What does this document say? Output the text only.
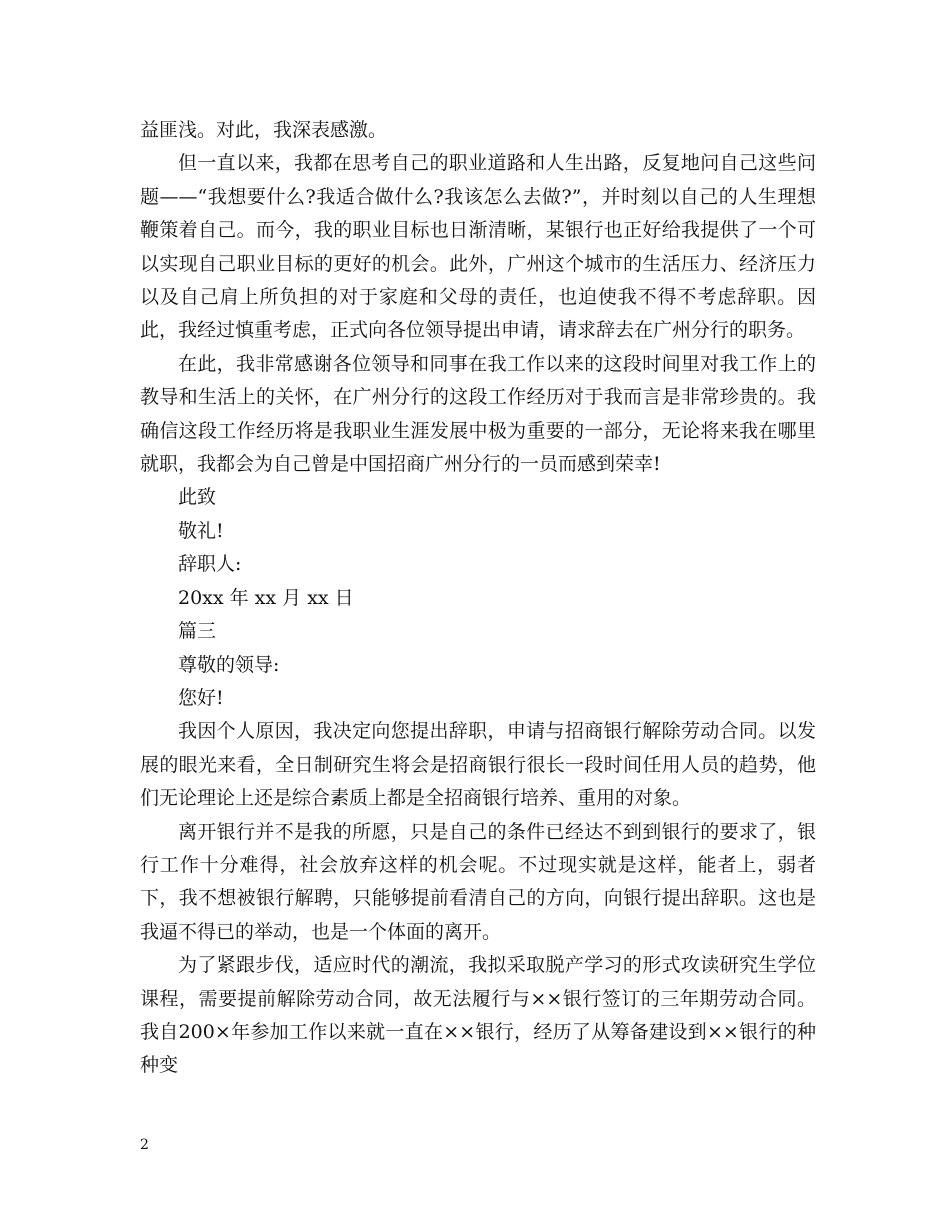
益匪浅。对此，我深表感激。

但一直以来，我都在思考自己的职业道路和人生出路，反复地问自己这些问题——“我想要什么?我适合做什么?我该怎么去做?”，并时刻以自己的人生理想鞭策着自己。而今，我的职业目标也日渐清晰，某银行也正好给我提供了一个可以实现自己职业目标的更好的机会。此外，广州这个城市的生活压力、经济压力以及自己肩上所负担的对于家庭和父母的责任，也迫使我不得不考虑辞职。因此，我经过慎重考虑，正式向各位领导提出申请，请求辞去在广州分行的职务。

在此，我非常感谢各位领导和同事在我工作以来的这段时间里对我工作上的教导和生活上的关怀，在广州分行的这段工作经历对于我而言是非常珍贵的。我确信这段工作经历将是我职业生涯发展中极为重要的一部分，无论将来我在哪里就职，我都会为自己曾是中国招商广州分行的一员而感到荣幸!

此致

敬礼!

辞职人:

20xx 年 xx 月 xx 日

篇三

尊敬的领导:

您好!

我因个人原因，我决定向您提出辞职，申请与招商银行解除劳动合同。以发展的眼光来看，全日制研究生将会是招商银行很长一段时间任用人员的趋势，他们无论理论上还是综合素质上都是全招商银行培养、重用的对象。

离开银行并不是我的所愿，只是自己的条件已经达不到到银行的要求了，银行工作十分难得，社会放弃这样的机会呢。不过现实就是这样，能者上，弱者下，我不想被银行解聘，只能够提前看清自己的方向，向银行提出辞职。这也是我逼不得已的举动，也是一个体面的离开。

为了紧跟步伐，适应时代的潮流，我拟采取脱产学习的形式攻读研究生学位课程，需要提前解除劳动合同，故无法履行与××银行签订的三年期劳动合同。我自200×年参加工作以来就一直在××银行，经历了从筹备建设到××银行的种种变

2
